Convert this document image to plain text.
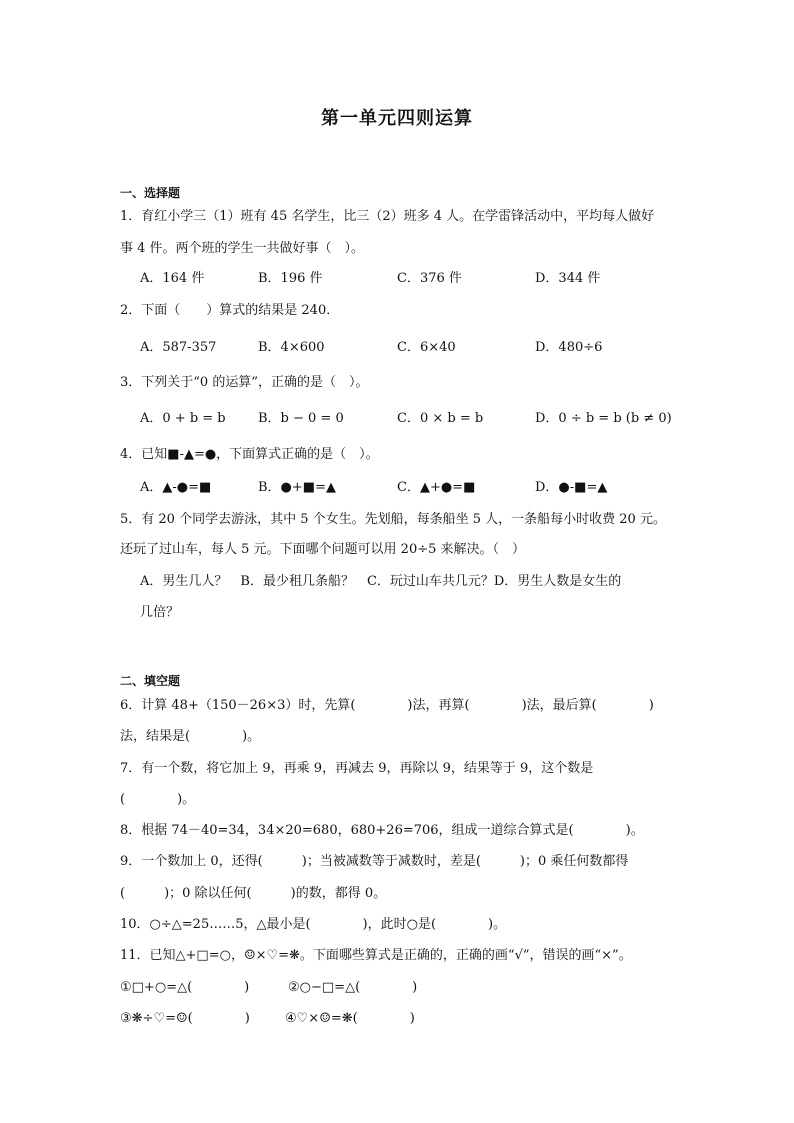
第一单元四则运算
一、选择题
1．育红小学三（1）班有 45 名学生，比三（2）班多 4 人。在学雷锋活动中，平均每人做好
事 4 件。两个班的学生一共做好事（　）。
A．164 件	B．196 件	C．376 件	D．344 件
2．下面（　　）算式的结果是 240．
A．587-357	B．4×600	C．6×40	D．480÷6
3．下列关于“0 的运算”，正确的是（　）。
A．0 + b = b B．b − 0 = 0	C．0 × b = b	D．0 ÷ b = b (b ≠ 0)
4．已知■-▲=●，下面算式正确的是（　）。
A．▲-●=■	B．●+■=▲	C．▲+●=■	D．●-■=▲
5．有 20 个同学去游泳，其中 5 个女生。先划船，每条船坐 5 人，一条船每小时收费 20 元。
还玩了过山车，每人 5 元。下面哪个问题可以用 20÷5 来解决。（　）
A．男生几人？　B．最少租几条船？　C．玩过山车共几元？D．男生人数是女生的
几倍？
二、填空题
6．计算 48+（150－26×3）时，先算(　　　　)法，再算(　　　　)法，最后算(　　　　)
法，结果是(　　　　)。
7．有一个数，将它加上 9，再乘 9，再减去 9，再除以 9，结果等于 9，这个数是
(　　　　)。
8．根据 74－40=34，34×20=680，680+26=706，组成一道综合算式是(　　　　)。
9．一个数加上 0，还得(　　　)；当被减数等于减数时，差是(　　　)；0 乘任何数都得
(　　　)；0 除以任何(　　　)的数，都得 0。
10．○÷△=25……5，△最小是(　　　　)，此时○是(　　　　)。
11．已知△+□=○，☺×♡=❋。下面哪些算式是正确的，正确的画“√”，错误的画“×”。
①□+○=△(　　　　)	②○−□=△(　　　　)
③❋÷♡=☺(　　　　)	④♡×☺=❋(　　　　)
